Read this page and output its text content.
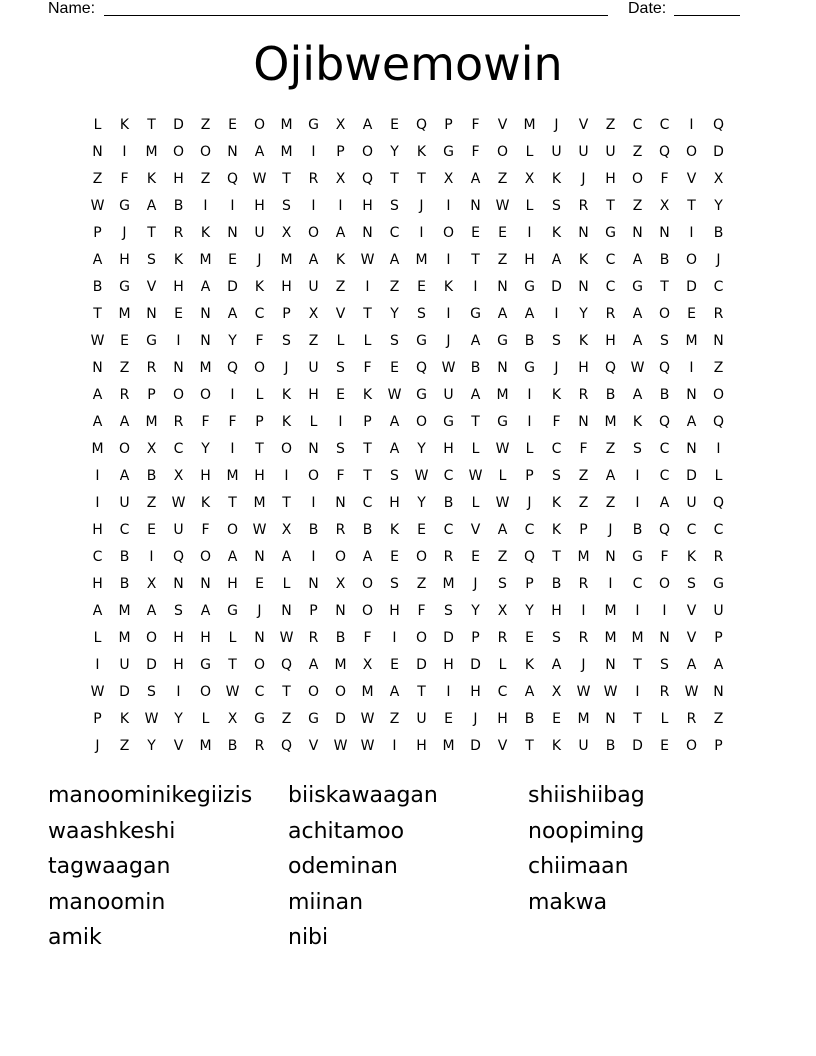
Name:	Date:
Ojibwemowin
L	K	T	D	Z	E	O	M	G	X	A	E	Q	P	F	V	M	J	V	Z	C	C	I	Q
N	I	M	O	O	N	A	M	I	P	O	Y	K	G	F	O	L	U	U	U	Z	Q	O	D
Z	F	K	H	Z	Q	W	T	R	X	Q	T	T	X	A	Z	X	K	J	H	O	F	V	X
W	G	A	B	I	I	H	S	I	I	H	S	J	I	N	W	L	S	R	T	Z	X	T	Y
P	J	T	R	K	N	U	X	O	A	N	C	I	O	E	E	I	K	N	G	N	N	I	B
A	H	S	K	M	E	J	M	A	K	W	A	M	I	T	Z	H	A	K	C	A	B	O	J
B	G	V	H	A	D	K	H	U	Z	I	Z	E	K	I	N	G	D	N	C	G	T	D	C
T	M	N	E	N	A	C	P	X	V	T	Y	S	I	G	A	A	I	Y	R	A	O	E	R
W	E	G	I	N	Y	F	S	Z	L	L	S	G	J	A	G	B	S	K	H	A	S	M	N
N	Z	R	N	M	Q	O	J	U	S	F	E	Q	W	B	N	G	J	H	Q	W	Q	I	Z
A	R	P	O	O	I	L	K	H	E	K	W	G	U	A	M	I	K	R	B	A	B	N	O
A	A	M	R	F	F	P	K	L	I	P	A	O	G	T	G	I	F	N	M	K	Q	A	Q
M	O	X	C	Y	I	T	O	N	S	T	A	Y	H	L	W	L	C	F	Z	S	C	N	I
I	A	B	X	H	M	H	I	O	F	T	S	W	C	W	L	P	S	Z	A	I	C	D	L
I	U	Z	W	K	T	M	T	I	N	C	H	Y	B	L	W	J	K	Z	Z	I	A	U	Q
H	C	E	U	F	O	W	X	B	R	B	K	E	C	V	A	C	K	P	J	B	Q	C	C
C	B	I	Q	O	A	N	A	I	O	A	E	O	R	E	Z	Q	T	M	N	G	F	K	R
H	B	X	N	N	H	E	L	N	X	O	S	Z	M	J	S	P	B	R	I	C	O	S	G
A	M	A	S	A	G	J	N	P	N	O	H	F	S	Y	X	Y	H	I	M	I	I	V	U
L	M	O	H	H	L	N	W	R	B	F	I	O	D	P	R	E	S	R	M	M	N	V	P
I	U	D	H	G	T	O	Q	A	M	X	E	D	H	D	L	K	A	J	N	T	S	A	A
W	D	S	I	O	W	C	T	O	O	M	A	T	I	H	C	A	X	W W	I	R	W	N
P	K	W	Y	L	X	G	Z	G	D	W	Z	U	E	J	H	B	E	M	N	T	L	R	Z
J	Z	Y	V	M	B	R	Q	V	W W	I	H	M	D	V	T	K	U	B	D	E	O	P
manoominikegiizis	biiskawaagan	shiishiibag
waashkeshi	achitamoo	noopiming
tagwaagan	odeminan	chiimaan
manoomin	miinan	makwa
amik	nibi
